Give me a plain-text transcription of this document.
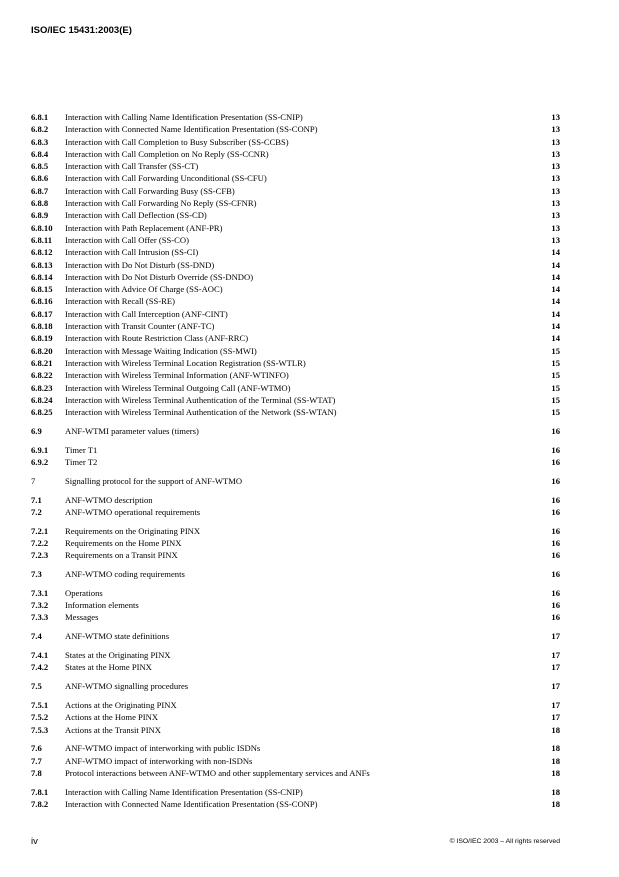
ISO/IEC 15431:2003(E)
6.8.1 Interaction with Calling Name Identification Presentation (SS-CNIP)	13
6.8.2 Interaction with Connected Name Identification Presentation (SS-CONP)	13
6.8.3 Interaction with Call Completion to Busy Subscriber (SS-CCBS)	13
6.8.4 Interaction with Call Completion on No Reply (SS-CCNR)	13
6.8.5 Interaction with Call Transfer (SS-CT)	13
6.8.6 Interaction with Call Forwarding Unconditional (SS-CFU)	13
6.8.7 Interaction with Call Forwarding Busy (SS-CFB)	13
6.8.8 Interaction with Call Forwarding No Reply (SS-CFNR)	13
6.8.9 Interaction with Call Deflection (SS-CD)	13
6.8.10 Interaction with Path Replacement (ANF-PR)	13
6.8.11 Interaction with Call Offer (SS-CO)	13
6.8.12 Interaction with Call Intrusion (SS-CI)	14
6.8.13 Interaction with Do Not Disturb (SS-DND)	14
6.8.14 Interaction with Do Not Disturb Override (SS-DNDO)	14
6.8.15 Interaction with Advice Of Charge (SS-AOC)	14
6.8.16 Interaction with Recall (SS-RE)	14
6.8.17 Interaction with Call Interception (ANF-CINT)	14
6.8.18 Interaction with Transit Counter (ANF-TC)	14
6.8.19 Interaction with Route Restriction Class (ANF-RRC)	14
6.8.20 Interaction with Message Waiting Indication (SS-MWI)	15
6.8.21 Interaction with Wireless Terminal Location Registration (SS-WTLR)	15
6.8.22 Interaction with Wireless Terminal Information (ANF-WTINFO)	15
6.8.23 Interaction with Wireless Terminal Outgoing Call (ANF-WTMO)	15
6.8.24 Interaction with Wireless Terminal Authentication of the Terminal (SS-WTAT)	15
6.8.25 Interaction with Wireless Terminal Authentication of the Network (SS-WTAN)	15
6.9	ANF-WTMI parameter values (timers)	16
6.9.1 Timer T1	16
6.9.2 Timer T2	16
7	Signalling protocol for the support of ANF-WTMO	16
7.1	ANF-WTMO description	16
7.2	ANF-WTMO operational requirements	16
7.2.1 Requirements on the Originating PINX	16
7.2.2 Requirements on the Home PINX	16
7.2.3 Requirements on a Transit PINX	16
7.3	ANF-WTMO coding requirements	16
7.3.1 Operations	16
7.3.2 Information elements	16
7.3.3 Messages	16
7.4	ANF-WTMO state definitions	17
7.4.1 States at the Originating PINX	17
7.4.2 States at the Home PINX	17
7.5	ANF-WTMO signalling procedures	17
7.5.1 Actions at the Originating PINX	17
7.5.2 Actions at the Home PINX	17
7.5.3 Actions at the Transit PINX	18
7.6	ANF-WTMO impact of interworking with public ISDNs	18
7.7	ANF-WTMO impact of interworking with non-ISDNs	18
7.8	Protocol interactions between ANF-WTMO and other supplementary services and ANFs	18
7.8.1 Interaction with Calling Name Identification Presentation (SS-CNIP)	18
7.8.2 Interaction with Connected Name Identification Presentation (SS-CONP)	18
iv	© ISO/IEC 2003 – All rights reserved
